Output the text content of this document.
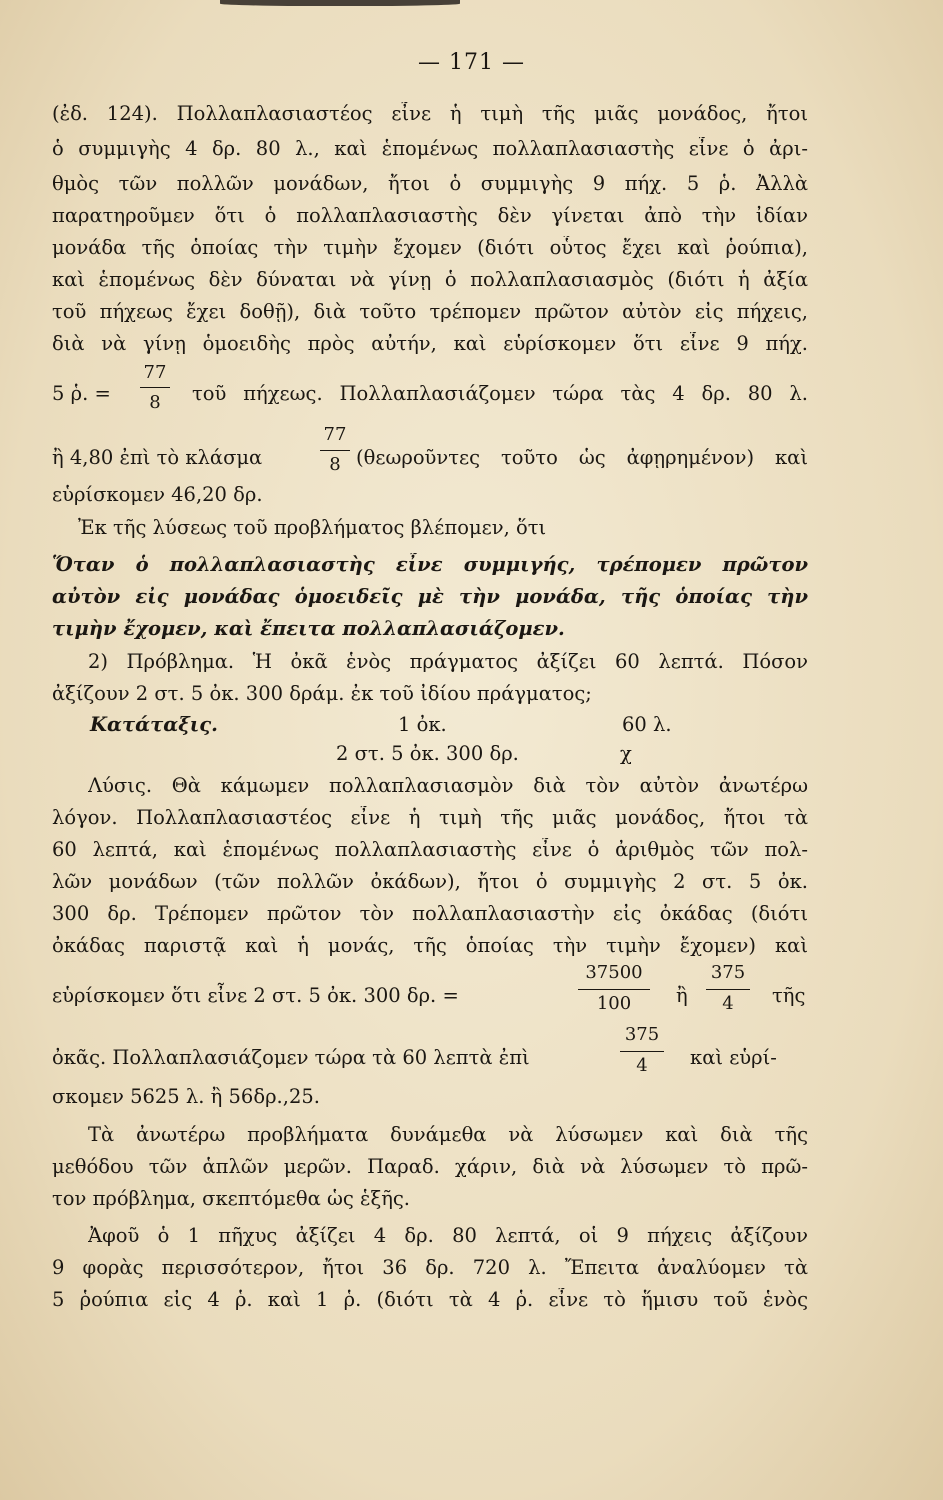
— 171 —
(ἐδ. 124). Πολλαπλασιαστέος εἶνε ἡ τιμὴ τῆς μιᾶς μονάδος, ἤτοι
ὁ συμμιγὴς 4 δρ. 80 λ., καὶ ἑπομένως πολλαπλασιαστὴς εἶνε ὁ ἀρι-
θμὸς τῶν πολλῶν μονάδων, ἤτοι ὁ συμμιγὴς 9 πήχ. 5 ῥ. Ἀλλὰ
παρατηροῦμεν ὅτι ὁ πολλαπλασιαστὴς δὲν γίνεται ἀπὸ τὴν ἰδίαν
μονάδα τῆς ὁποίας τὴν τιμὴν ἔχομεν (διότι οὗτος ἔχει καὶ ῥούπια),
καὶ ἑπομένως δὲν δύναται νὰ γίνῃ ὁ πολλαπλασιασμὸς (διότι ἡ ἀξία
τοῦ πήχεως ἔχει δοθῇ), διὰ τοῦτο τρέπομεν πρῶτον αὐτὸν εἰς πήχεις,
διὰ νὰ γίνῃ ὁμοειδὴς πρὸς αὐτήν, καὶ εὑρίσκομεν ὅτι εἶνε 9 πήχ.
5 ῥ. =
77
8	τοῦ πήχεως. Πολλαπλασιάζομεν τώρα τὰς 4 δρ. 80 λ.
ἢ 4,80 ἐπὶ τὸ κλάσμα
77
8 (θεωροῦντες τοῦτο ὡς ἀφῃρημένον) καὶ
εὑρίσκομεν 46,20 δρ.
Ἐκ τῆς λύσεως τοῦ προβλήματος βλέπομεν, ὅτι
Ὅταν ὁ πολλαπλασιαστὴς εἶνε συμμιγής, τρέπομεν πρῶτον
αὐτὸν εἰς μονάδας ὁμοειδεῖς μὲ τὴν μονάδα, τῆς ὁποίας τὴν
τιμὴν ἔχομεν, καὶ ἔπειτα πολλαπλασιάζομεν.
2) Πρόβλημα. Ἡ ὀκᾶ ἑνὸς πράγματος ἀξίζει 60 λεπτά. Πόσον
ἀξίζουν 2 στ. 5 ὀκ. 300 δράμ. ἐκ τοῦ ἰδίου πράγματος;
Κατάταξις.	1 ὀκ.	60 λ.
2 στ. 5 ὀκ. 300 δρ.	χ
Λύσις. Θὰ κάμωμεν πολλαπλασιασμὸν διὰ τὸν αὐτὸν ἀνωτέρω
λόγον. Πολλαπλασιαστέος εἶνε ἡ τιμὴ τῆς μιᾶς μονάδος, ἤτοι τὰ
60 λεπτά, καὶ ἑπομένως πολλαπλασιαστὴς εἶνε ὁ ἀριθμὸς τῶν πολ-
λῶν μονάδων (τῶν πολλῶν ὀκάδων), ἤτοι ὁ συμμιγὴς 2 στ. 5 ὀκ.
300 δρ. Τρέπομεν πρῶτον τὸν πολλαπλασιαστὴν εἰς ὀκάδας (διότι
ὀκάδας παριστᾷ καὶ ἡ μονάς, τῆς ὁποίας τὴν τιμὴν ἔχομεν) καὶ
εὑρίσκομεν ὅτι εἶνε 2 στ. 5 ὀκ. 300 δρ. =
37500
100	ἢ
375
4	τῆς
ὀκᾶς. Πολλαπλασιάζομεν τώρα τὰ 60 λεπτὰ ἐπὶ
375
4	καὶ εὑρί-
σκομεν 5625 λ. ἢ 56δρ.,25.
Τὰ ἀνωτέρω προβλήματα δυνάμεθα νὰ λύσωμεν καὶ διὰ τῆς
μεθόδου τῶν ἁπλῶν μερῶν. Παραδ. χάριν, διὰ νὰ λύσωμεν τὸ πρῶ-
τον πρόβλημα, σκεπτόμεθα ὡς ἑξῆς.
Ἀφοῦ ὁ 1 πῆχυς ἀξίζει 4 δρ. 80 λεπτά, οἱ 9 πήχεις ἀξίζουν
9 φορὰς περισσότερον, ἤτοι 36 δρ. 720 λ. Ἔπειτα ἀναλύομεν τὰ
5 ῥούπια εἰς 4 ῥ. καὶ 1 ῥ. (διότι τὰ 4 ῥ. εἶνε τὸ ἥμισυ τοῦ ἑνὸς
